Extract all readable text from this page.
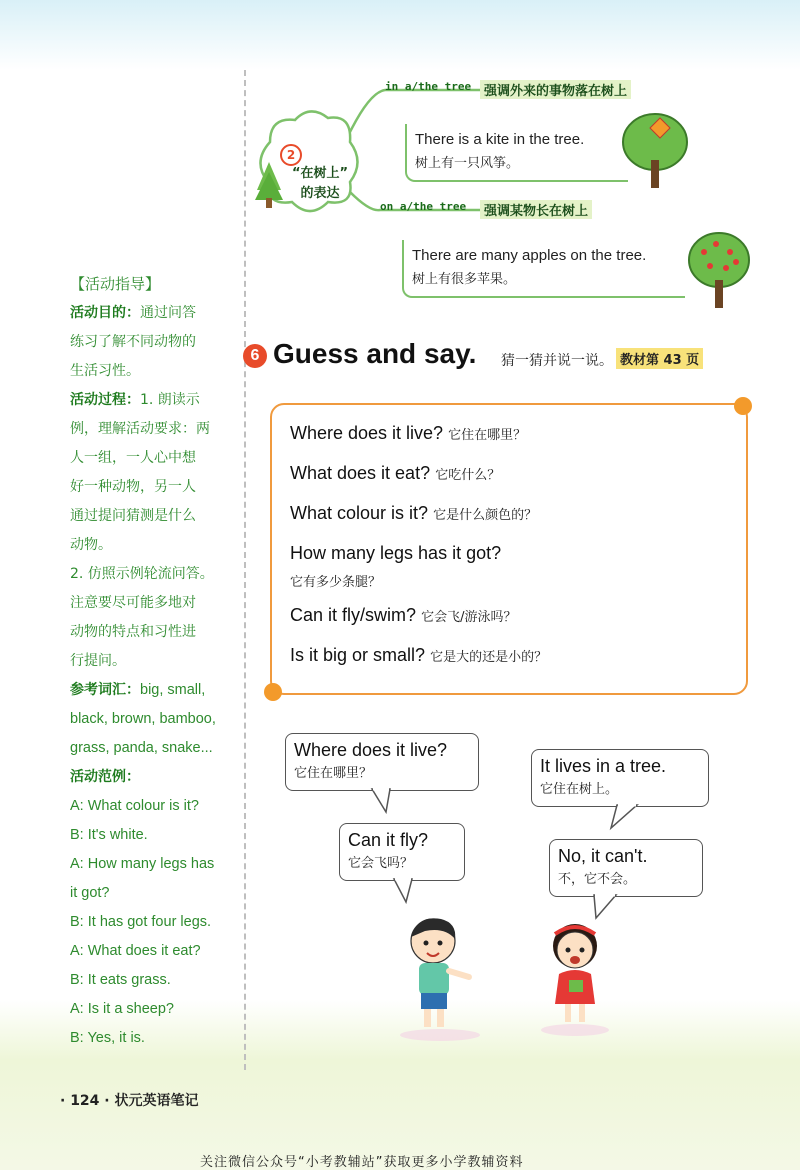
【活动指导】
活动目的：通过问答
练习了解不同动物的
生活习性。
活动过程：1. 朗读示
例，理解活动要求：两
人一组，一人心中想
好一种动物，另一人
通过提问猜测是什么
动物。
2. 仿照示例轮流问答。
注意要尽可能多地对
动物的特点和习性进
行提问。
参考词汇：big, small,
black, brown, bamboo,
grass, panda, snake...
活动范例：
A: What colour is it?
B: It's white.
A: How many legs has
it got?
B: It has got four legs.
A: What does it eat?
B: It eats grass.
A: Is it a sheep?
B: Yes, it is.
2
“在树上”
的表达
in a/the tree 强调外来的事物落在树上
There is a kite in the tree.
树上有一只风筝。
on a/the tree	强调某物长在树上
There are many apples on the tree.
树上有很多苹果。
6 Guess and say. 猜一猜并说一说。 教材第 43 页
Where does it live? 它住在哪里？
What does it eat? 它吃什么？
What colour is it? 它是什么颜色的？
How many legs has it got?
它有多少条腿？
Can it fly/swim? 它会飞/游泳吗？
Is it big or small? 它是大的还是小的？
Where does it live?
它住在哪里？	It lives in a tree.
它住在树上。
Can it fly?
它会飞吗？	No, it can't.
不，它不会。
· 124 · 状元英语笔记
关注微信公众号“小考教辅站”获取更多小学教辅资料
